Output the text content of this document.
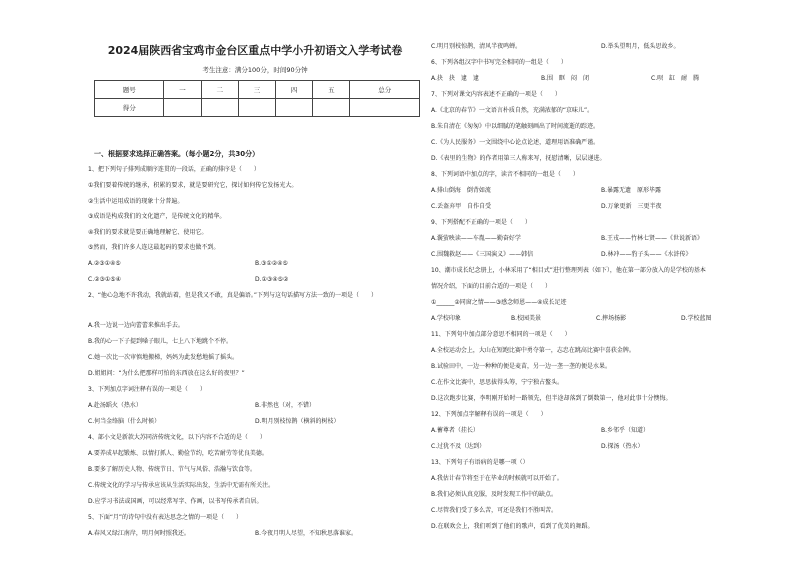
2024届陕西省宝鸡市金台区重点中学小升初语文入学考试卷
考生注意：满分100分，时间90分钟
题号	一	二	三	四	五	总分
得分						
一、根据要求选择正确答案。（每小题2分，共30分）
1、把下列句子排列成顺序连贯的一段话，正确的排序是（　　）
①我们要着传统的继承，积累的要求，就是要研究它，探讨如何传它发扬光大。
②生活中运用成语的现象十分普遍。
③成语是构成我们的文化遗产，是传统文化的精华。
④我们的要求就是要正确地理解它、使用它。
⑤然而，我们许多人连这最起码的要求也做不到。
A.②③①④⑤	B.③①②④⑤
C.②③①⑤④	D.①③④⑤②
2、“他心急地不许我动，我就站着，但是我又不敢，真是偏语。”下列与这句话描写方法一致的一项是（　　）
A.我一边说一边向蕾蕾来推出手去。
B.我的心一下子提到嗓子眼儿，七上八下地跳个不停。
C.她一次比一次审慎地搬梯，妈妈为此发愁地摇了摇头。
D.姐姐问：“为什么把那样可怕的东西放在这么好的夜里？”
3、下列加点字词注释有误的一项是（　　）
A.赴汤蹈火（热水）	B.非然也（对，不错）
C.何当金络脑（什么时候）	D.明月别枝惊鹊（横斜的树枝）
4、部小文是新款大苏同济传统文化，以下内容不合适的是（　　）
A.要养成早起锻炼、以情打抓人、勤俭节约，吃苦耐劳等优良美德。
B.要多了解历史人物、传统节日、节气与风俗、浩瀚与饮食等。
C.传统文化的学习与传承应该从生活实际出发，生活中无需有所关注。
D.应学习书法或国画，可以经常写字、作画，以书写传承者自居。
5、下面“月”的诗句中没有表达思念之情的一项是（　　）
A.春风又绿江南岸，明月何时照我还。	B.今夜月明人尽望，不知秋思落谁家。
C.明月别枝惊鹊，清风半夜鸣蝉。	D.举头望明月，低头思故乡。
6、下列各组汉字中书写完全相同的一组是（　　）
A.抉　抉　逮　逮	B.围　眶　闷　闭	C.呗　缸　耐　腾
7、下列对课文内容表述不正确的一项是（　　）
A.《北京的春节》一文语言朴质自然，充满浓郁的“京味儿”。
B.朱自清在《匆匆》中以细腻的笔触刻画出了时间流逝的踪迹。
C.《为人民服务》一文围绕中心论点论述，道理用语准确严谨。
D.《表里的生物》的作者用第三人称来写，抚慰清晰，层层递进。
8、下列词语中加点的字，读音不相同的一组是（　　）
A.排山倒海　倒背如流	B.暴露无遗　原形毕露
C.丢盔弃甲　自作自受	D.万象更新　三更半夜
9、下列搭配不正确的一项是（　　）
A.囊萤映读——车胤——勤奋好学	B.王戎——竹林七贤——《世说新语》
C.围魏救赵——《三国演义》——韩信	D.林冲——豹子头——《水浒传》
10、潮市成长纪念册上，小林采用了“相目式”进行整理列表（如下），他在第一部分放入的是学校的基本
情况介绍，下面的目前合适的一项是（　　）
①______②同窗之情——③感念师恩——④成长足迹
A.学校印象	B.校园美景	C.摔场扬影	D.学校蓝图
11、下列句中加点部分意思不相同的一项是（　　）
A.全校运动会上，大山在短跑比赛中勇夺第一，志忠在跳高比赛中喜获金牌。
B.试验田中，一边一种种的便是麦苗，另一边一垄一垄的便是水果。
C.在作文比赛中，思思拔得头筹，宁宁独占鳌头。
D.这次跑步比赛，李明刚开始时一路领先，但半途却落到了倒数第一，他对此事十分懊悔。
12、下列加点字解释有误的一项是（　　）
A.蓄尊者（挂长）	B.乡邻乎（知道）
C.过犹不及（达到）	D.探汤（热水）
13、下列句子有语病的是哪一项（）
A.我估计春节将至于在毕业的时候就可以开始了。
B.我们必须认真克服，及时发现工作中的缺点。
C.尽管我们受了多么苦，可还是我们不胜叫苦。
D.在联欢会上，我们听到了他们的歌声，看到了优美的舞蹈。
